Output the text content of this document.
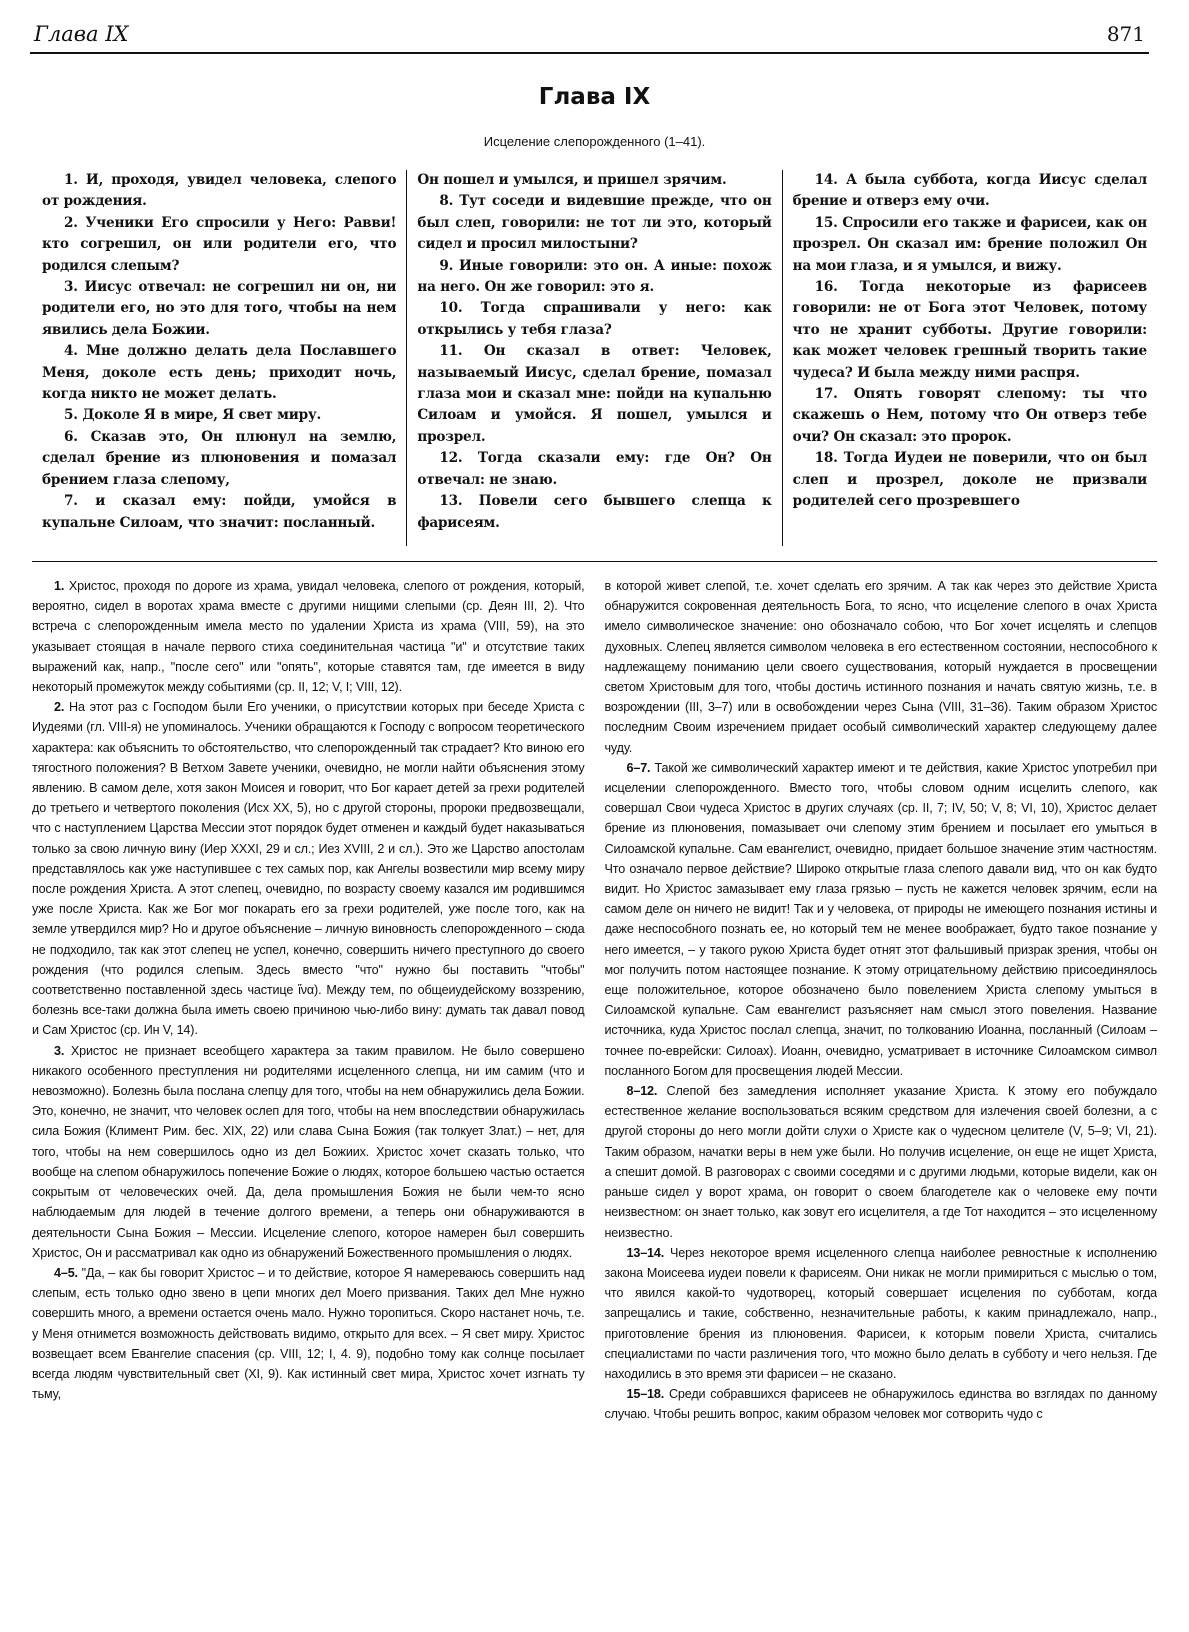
Глава IX	871
Глава IX
Исцеление слепорожденного (1–41).

1. И, проходя, увидел человека, слепого от рождения.

2. Ученики Его спросили у Него: Равви! кто согрешил, он или родители его, что родился слепым?

3. Иисус отвечал: не согрешил ни он, ни родители его, но это для того, чтобы на нем явились дела Божии.

4. Мне должно делать дела Пославшего Меня, доколе есть день; приходит ночь, когда никто не может делать.

5. Доколе Я в мире, Я свет миру.

6. Сказав это, Он плюнул на землю, сделал брение из плюновения и помазал брением глаза слепому,

7. и сказал ему: пойди, умойся в купальне Силоам, что значит: посланный.

Он пошел и умылся, и пришел зрячим.

8. Тут соседи и видевшие прежде, что он был слеп, говорили: не тот ли это, который сидел и просил милостыни?

9. Иные говорили: это он. А иные: похож на него. Он же говорил: это я.

10. Тогда спрашивали у него: как открылись у тебя глаза?

11. Он сказал в ответ: Человек, называемый Иисус, сделал брение, помазал глаза мои и сказал мне: пойди на купальню Силоам и умойся. Я пошел, умылся и прозрел.

12. Тогда сказали ему: где Он? Он отвечал: не знаю.

13. Повели сего бывшего слепца к фарисеям.

14. А была суббота, когда Иисус сделал брение и отверз ему очи.

15. Спросили его также и фарисеи, как он прозрел. Он сказал им: брение положил Он на мои глаза, и я умылся, и вижу.

16. Тогда некоторые из фарисеев говорили: не от Бога этот Человек, потому что не хранит субботы. Другие говорили: как может человек грешный творить такие чудеса? И была между ними распря.

17. Опять говорят слепому: ты что скажешь о Нем, потому что Он отверз тебе очи? Он сказал: это пророк.

18. Тогда Иудеи не поверили, что он был слеп и прозрел, доколе не призвали родителей сего прозревшего

1. Христос, проходя по дороге из храма, увидал человека, слепого от рождения, который, вероятно, сидел в воротах храма вместе с другими нищими слепыми (ср. Деян III, 2). Что встреча с слепорожденным имела место по удалении Христа из храма (VIII, 59), на это указывает стоящая в начале первого стиха соединительная частица "и" и отсутствие таких выражений как, напр., "после сего" или "опять", которые ставятся там, где имеется в виду некоторый промежуток между событиями (ср. II, 12; V, I; VIII, 12).

2. На этот раз с Господом были Его ученики, о присутствии которых при беседе Христа с Иудеями (гл. VIII-я) не упоминалось. Ученики обращаются к Господу с вопросом теоретического характера: как объяснить то обстоятельство, что слепорожденный так страдает? Кто виною его тягостного положения? В Ветхом Завете ученики, очевидно, не могли найти объяснения этому явлению. В самом деле, хотя закон Моисея и говорит, что Бог карает детей за грехи родителей до третьего и четвертого поколения (Исх XX, 5), но с другой стороны, пророки предвозвещали, что с наступлением Царства Мессии этот порядок будет отменен и каждый будет наказываться только за свою личную вину (Иер XXXI, 29 и сл.; Иез XVIII, 2 и сл.). Это же Царство апостолам представлялось как уже наступившее с тех самых пор, как Ангелы возвестили мир всему миру после рождения Христа. А этот слепец, очевидно, по возрасту своему казался им родившимся уже после Христа. Как же Бог мог покарать его за грехи родителей, уже после того, как на земле утвердился мир? Но и другое объяснение – личную виновность слепорожденного – сюда не подходило, так как этот слепец не успел, конечно, совершить ничего преступного до своего рождения (что родился слепым. Здесь вместо "что" нужно бы поставить "чтобы" соответственно поставленной здесь частице ἵνα). Между тем, по общеиудейскому воззрению, болезнь все-таки должна была иметь своею причиною чью-либо вину: думать так давал повод и Сам Христос (ср. Ин V, 14).

3. Христос не признает всеобщего характера за таким правилом. Не было совершено никакого особенного преступления ни родителями исцеленного слепца, ни им самим (что и невозможно). Болезнь была послана слепцу для того, чтобы на нем обнаружились дела Божии. Это, конечно, не значит, что человек ослеп для того, чтобы на нем впоследствии обнаружилась сила Божия (Климент Рим. бес. XIX, 22) или слава Сына Божия (так толкует Злат.) – нет, для того, чтобы на нем совершилось одно из дел Божиих. Христос хочет сказать только, что вообще на слепом обнаружилось попечение Божие о людях, которое большею частью остается сокрытым от человеческих очей. Да, дела промышления Божия не были чем-то ясно наблюдаемым для людей в течение долгого времени, а теперь они обнаруживаются в деятельности Сына Божия – Мессии. Исцеление слепого, которое намерен был совершить Христос, Он и рассматривал как одно из обнаружений Божественного промышления о людях.

4–5. "Да, – как бы говорит Христос – и то действие, которое Я намереваюсь совершить над слепым, есть только одно звено в цепи многих дел Моего призвания. Таких дел Мне нужно совершить много, а времени остается очень мало. Нужно торопиться. Скоро настанет ночь, т.е. у Меня отнимется возможность действовать видимо, открыто для всех. – Я свет миру. Христос возвещает всем Евангелие спасения (ср. VIII, 12; I, 4. 9), подобно тому как солнце посылает всегда людям чувствительный свет (XI, 9). Как истинный свет мира, Христос хочет изгнать ту тьму,

в которой живет слепой, т.е. хочет сделать его зрячим. А так как через это действие Христа обнаружится сокровенная деятельность Бога, то ясно, что исцеление слепого в очах Христа имело символическое значение: оно обозначало собою, что Бог хочет исцелять и слепцов духовных. Слепец является символом человека в его естественном состоянии, неспособного к надлежащему пониманию цели своего существования, который нуждается в просвещении светом Христовым для того, чтобы достичь истинного познания и начать святую жизнь, т.е. в возрождении (III, 3–7) или в освобождении через Сына (VIII, 31–36). Таким образом Христос последним Своим изречением придает особый символический характер следующему далее чуду.

6–7. Такой же символический характер имеют и те действия, какие Христос употребил при исцелении слепорожденного. Вместо того, чтобы словом одним исцелить слепого, как совершал Свои чудеса Христос в других случаях (ср. II, 7; IV, 50; V, 8; VI, 10), Христос делает брение из плюновения, помазывает очи слепому этим брением и посылает его умыться в Силоамской купальне. Сам евангелист, очевидно, придает большое значение этим частностям. Что означало первое действие? Широко открытые глаза слепого давали вид, что он как будто видит. Но Христос замазывает ему глаза грязью – пусть не кажется человек зрячим, если на самом деле он ничего не видит! Так и у человека, от природы не имеющего познания истины и даже неспособного познать ее, но который тем не менее воображает, будто такое познание у него имеется, – у такого рукою Христа будет отнят этот фальшивый призрак зрения, чтобы он мог получить потом настоящее познание. К этому отрицательному действию присоединялось еще положительное, которое обозначено было повелением Христа слепому умыться в Силоамской купальне. Сам евангелист разъясняет нам смысл этого повеления. Название источника, куда Христос послал слепца, значит, по толкованию Иоанна, посланный (Силоам – точнее по-еврейски: Силоах). Иоанн, очевидно, усматривает в источнике Силоамском символ посланного Богом для просвещения людей Мессии.

8–12. Слепой без замедления исполняет указание Христа. К этому его побуждало естественное желание воспользоваться всяким средством для излечения своей болезни, а с другой стороны до него могли дойти слухи о Христе как о чудесном целителе (V, 5–9; VI, 21). Таким образом, начатки веры в нем уже были. Но получив исцеление, он еще не ищет Христа, а спешит домой. В разговорах с своими соседями и с другими людьми, которые видели, как он раньше сидел у ворот храма, он говорит о своем благодетеле как о человеке ему почти неизвестном: он знает только, как зовут его исцелителя, а где Тот находится – это исцеленному неизвестно.

13–14. Через некоторое время исцеленного слепца наиболее ревностные к исполнению закона Моисеева иудеи повели к фарисеям. Они никак не могли примириться с мыслью о том, что явился какой-то чудотворец, который совершает исцеления по субботам, когда запрещались и такие, собственно, незначительные работы, к каким принадлежало, напр., приготовление брения из плюновения. Фарисеи, к которым повели Христа, считались специалистами по части различения того, что можно было делать в субботу и чего нельзя. Где находились в это время эти фарисеи – не сказано.

15–18. Среди собравшихся фарисеев не обнаружилось единства во взглядах по данному случаю. Чтобы решить вопрос, каким образом человек мог сотворить чудо с
